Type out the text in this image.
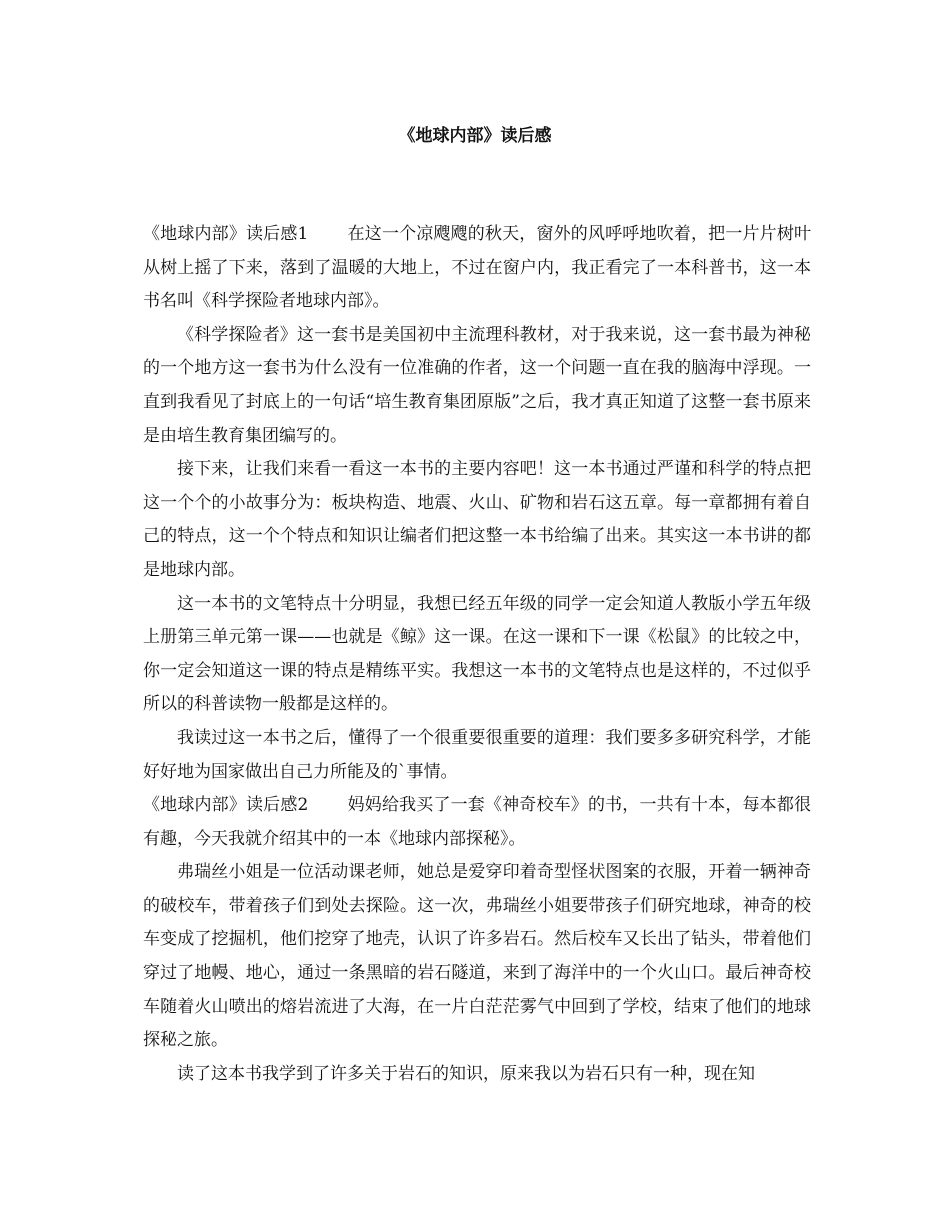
《地球内部》读后感

《地球内部》读后感1 在这一个凉飕飕的秋天，窗外的风呼呼地吹着，把一片片树叶从树上摇了下来，落到了温暖的大地上，不过在窗户内，我正看完了一本科普书，这一本书名叫《科学探险者地球内部》。

《科学探险者》这一套书是美国初中主流理科教材，对于我来说，这一套书最为神秘的一个地方这一套书为什么没有一位准确的作者，这一个问题一直在我的脑海中浮现。一直到我看见了封底上的一句话“培生教育集团原版”之后，我才真正知道了这整一套书原来是由培生教育集团编写的。

接下来，让我们来看一看这一本书的主要内容吧！这一本书通过严谨和科学的特点把这一个个的小故事分为：板块构造、地震、火山、矿物和岩石这五章。每一章都拥有着自己的特点，这一个个特点和知识让编者们把这整一本书给编了出来。其实这一本书讲的都是地球内部。

这一本书的文笔特点十分明显，我想已经五年级的同学一定会知道人教版小学五年级上册第三单元第一课——也就是《鲸》这一课。在这一课和下一课《松鼠》的比较之中，你一定会知道这一课的特点是精练平实。我想这一本书的文笔特点也是这样的，不过似乎所以的科普读物一般都是这样的。

我读过这一本书之后，懂得了一个很重要很重要的道理：我们要多多研究科学，才能好好地为国家做出自己力所能及的`事情。

《地球内部》读后感2 妈妈给我买了一套《神奇校车》的书，一共有十本，每本都很有趣，今天我就介绍其中的一本《地球内部探秘》。

弗瑞丝小姐是一位活动课老师，她总是爱穿印着奇型怪状图案的衣服，开着一辆神奇的破校车，带着孩子们到处去探险。这一次，弗瑞丝小姐要带孩子们研究地球，神奇的校车变成了挖掘机，他们挖穿了地壳，认识了许多岩石。然后校车又长出了钻头，带着他们穿过了地幔、地心，通过一条黑暗的岩石隧道，来到了海洋中的一个火山口。最后神奇校车随着火山喷出的熔岩流进了大海，在一片白茫茫雾气中回到了学校，结束了他们的地球探秘之旅。

读了这本书我学到了许多关于岩石的知识，原来我以为岩石只有一种，现在知
